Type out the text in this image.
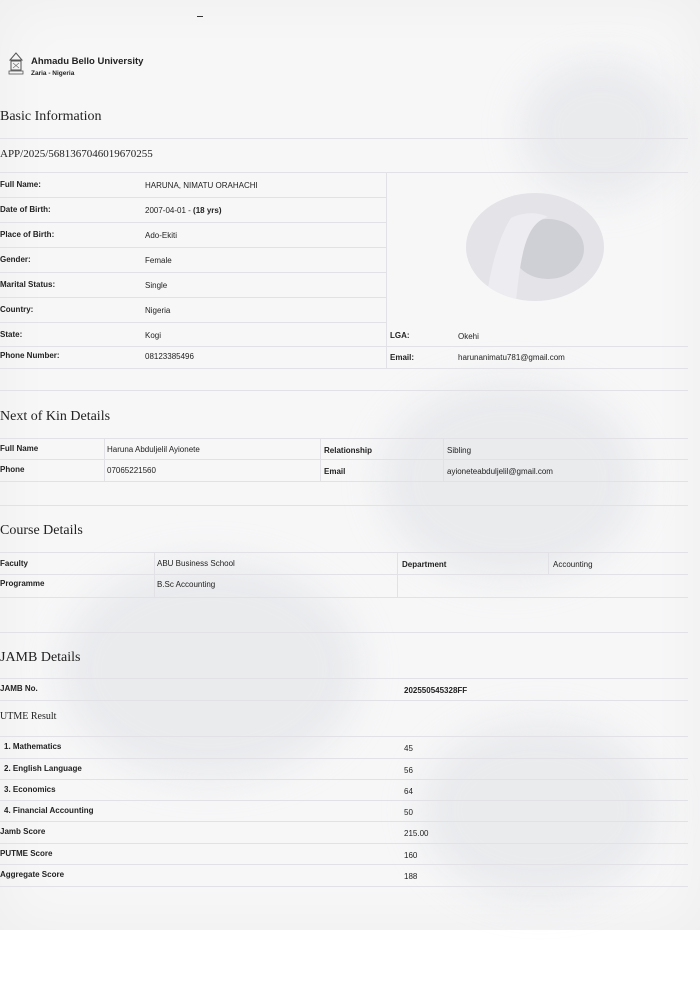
Ahmadu Bello University
Zaria - Nigeria
Basic Information
APP/2025/56813670460196702​55
Full Name:	HARUNA, NIMATU ORAHACHI
Date of Birth:	2007-04-01 - (18 yrs)
Place of Birth:	Ado-Ekiti
Gender:	Female
Marital Status:	Single
Country:	Nigeria
State:	Kogi	LGA:	Okehi
Phone Number:	08123385496	Email:	harunanimatu781@gmail.com
Next of Kin Details
Full Name	Haruna Abduljelil Ayionete	Relationship	Sibling
Phone	07065221560	Email	ayioneteabduljelil@gmail.com
Course Details
Faculty	ABU Business School	Department	Accounting
Programme	B.Sc Accounting
JAMB Details
JAMB No.	202550545328FF
UTME Result
1. Mathematics	45
2. English Language	56
3. Economics	64
4. Financial Accounting	50
Jamb Score	215.00
PUTME Score	160
Aggregate Score	188
